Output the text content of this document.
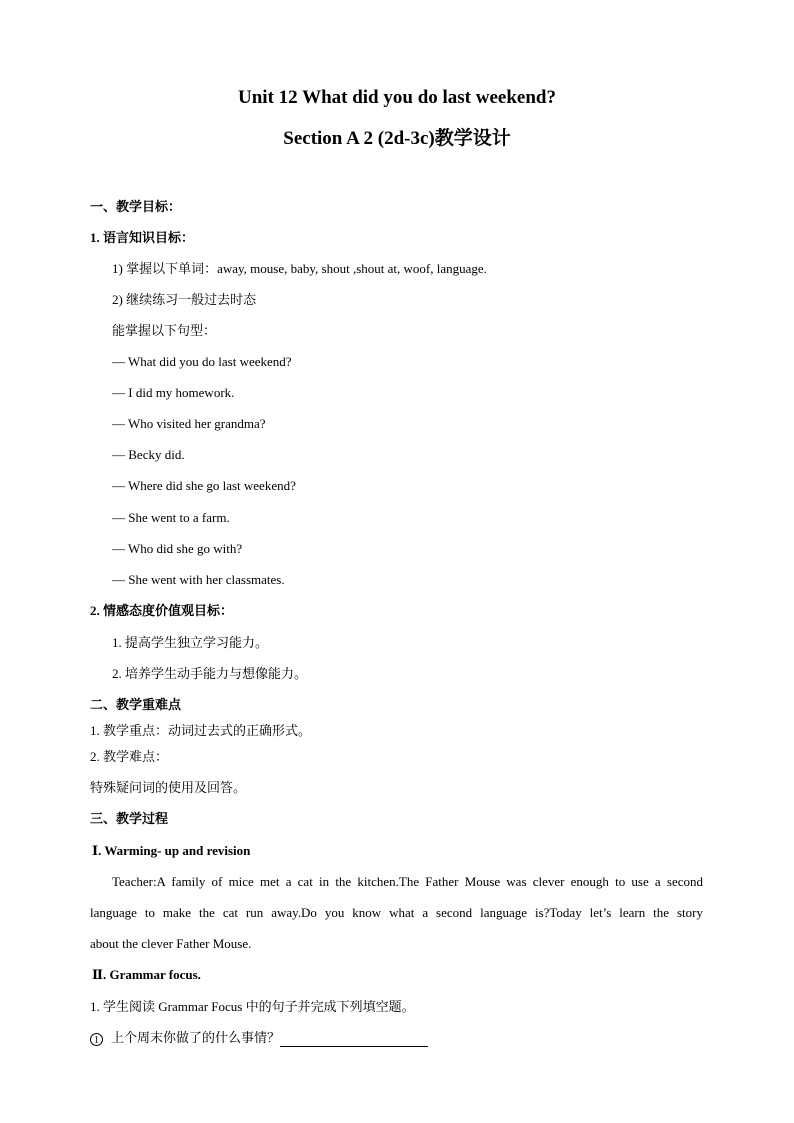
Unit 12 What did you do last weekend?
Section A 2 (2d-3c)教学设计
一、教学目标：
1. 语言知识目标：
1) 掌握以下单词：away, mouse, baby, shout ,shout at, woof, language.
2) 继续练习一般过去时态
能掌握以下句型：
— What did you do last weekend?
— I did my homework.
— Who visited her grandma?
— Becky did.
— Where did she go last weekend?
— She went to a farm.
— Who did she go with?
— She went with her classmates.
2. 情感态度价值观目标：
1. 提高学生独立学习能力。
2. 培养学生动手能力与想像能力。
二、教学重难点
1. 教学重点：动词过去式的正确形式。
2. 教学难点：
特殊疑问词的使用及回答。
三、教学过程
Ⅰ. Warming- up and revision
Teacher:A family of mice met a cat in the kitchen.The Father Mouse was clever enough to use a second
language to make the cat run away.Do you know what a second language is?Today let’s learn the story
about the clever Father Mouse.
Ⅱ. Grammar focus.
1. 学生阅读 Grammar Focus 中的句子并完成下列填空题。
1 上个周末你做了的什么事情？
